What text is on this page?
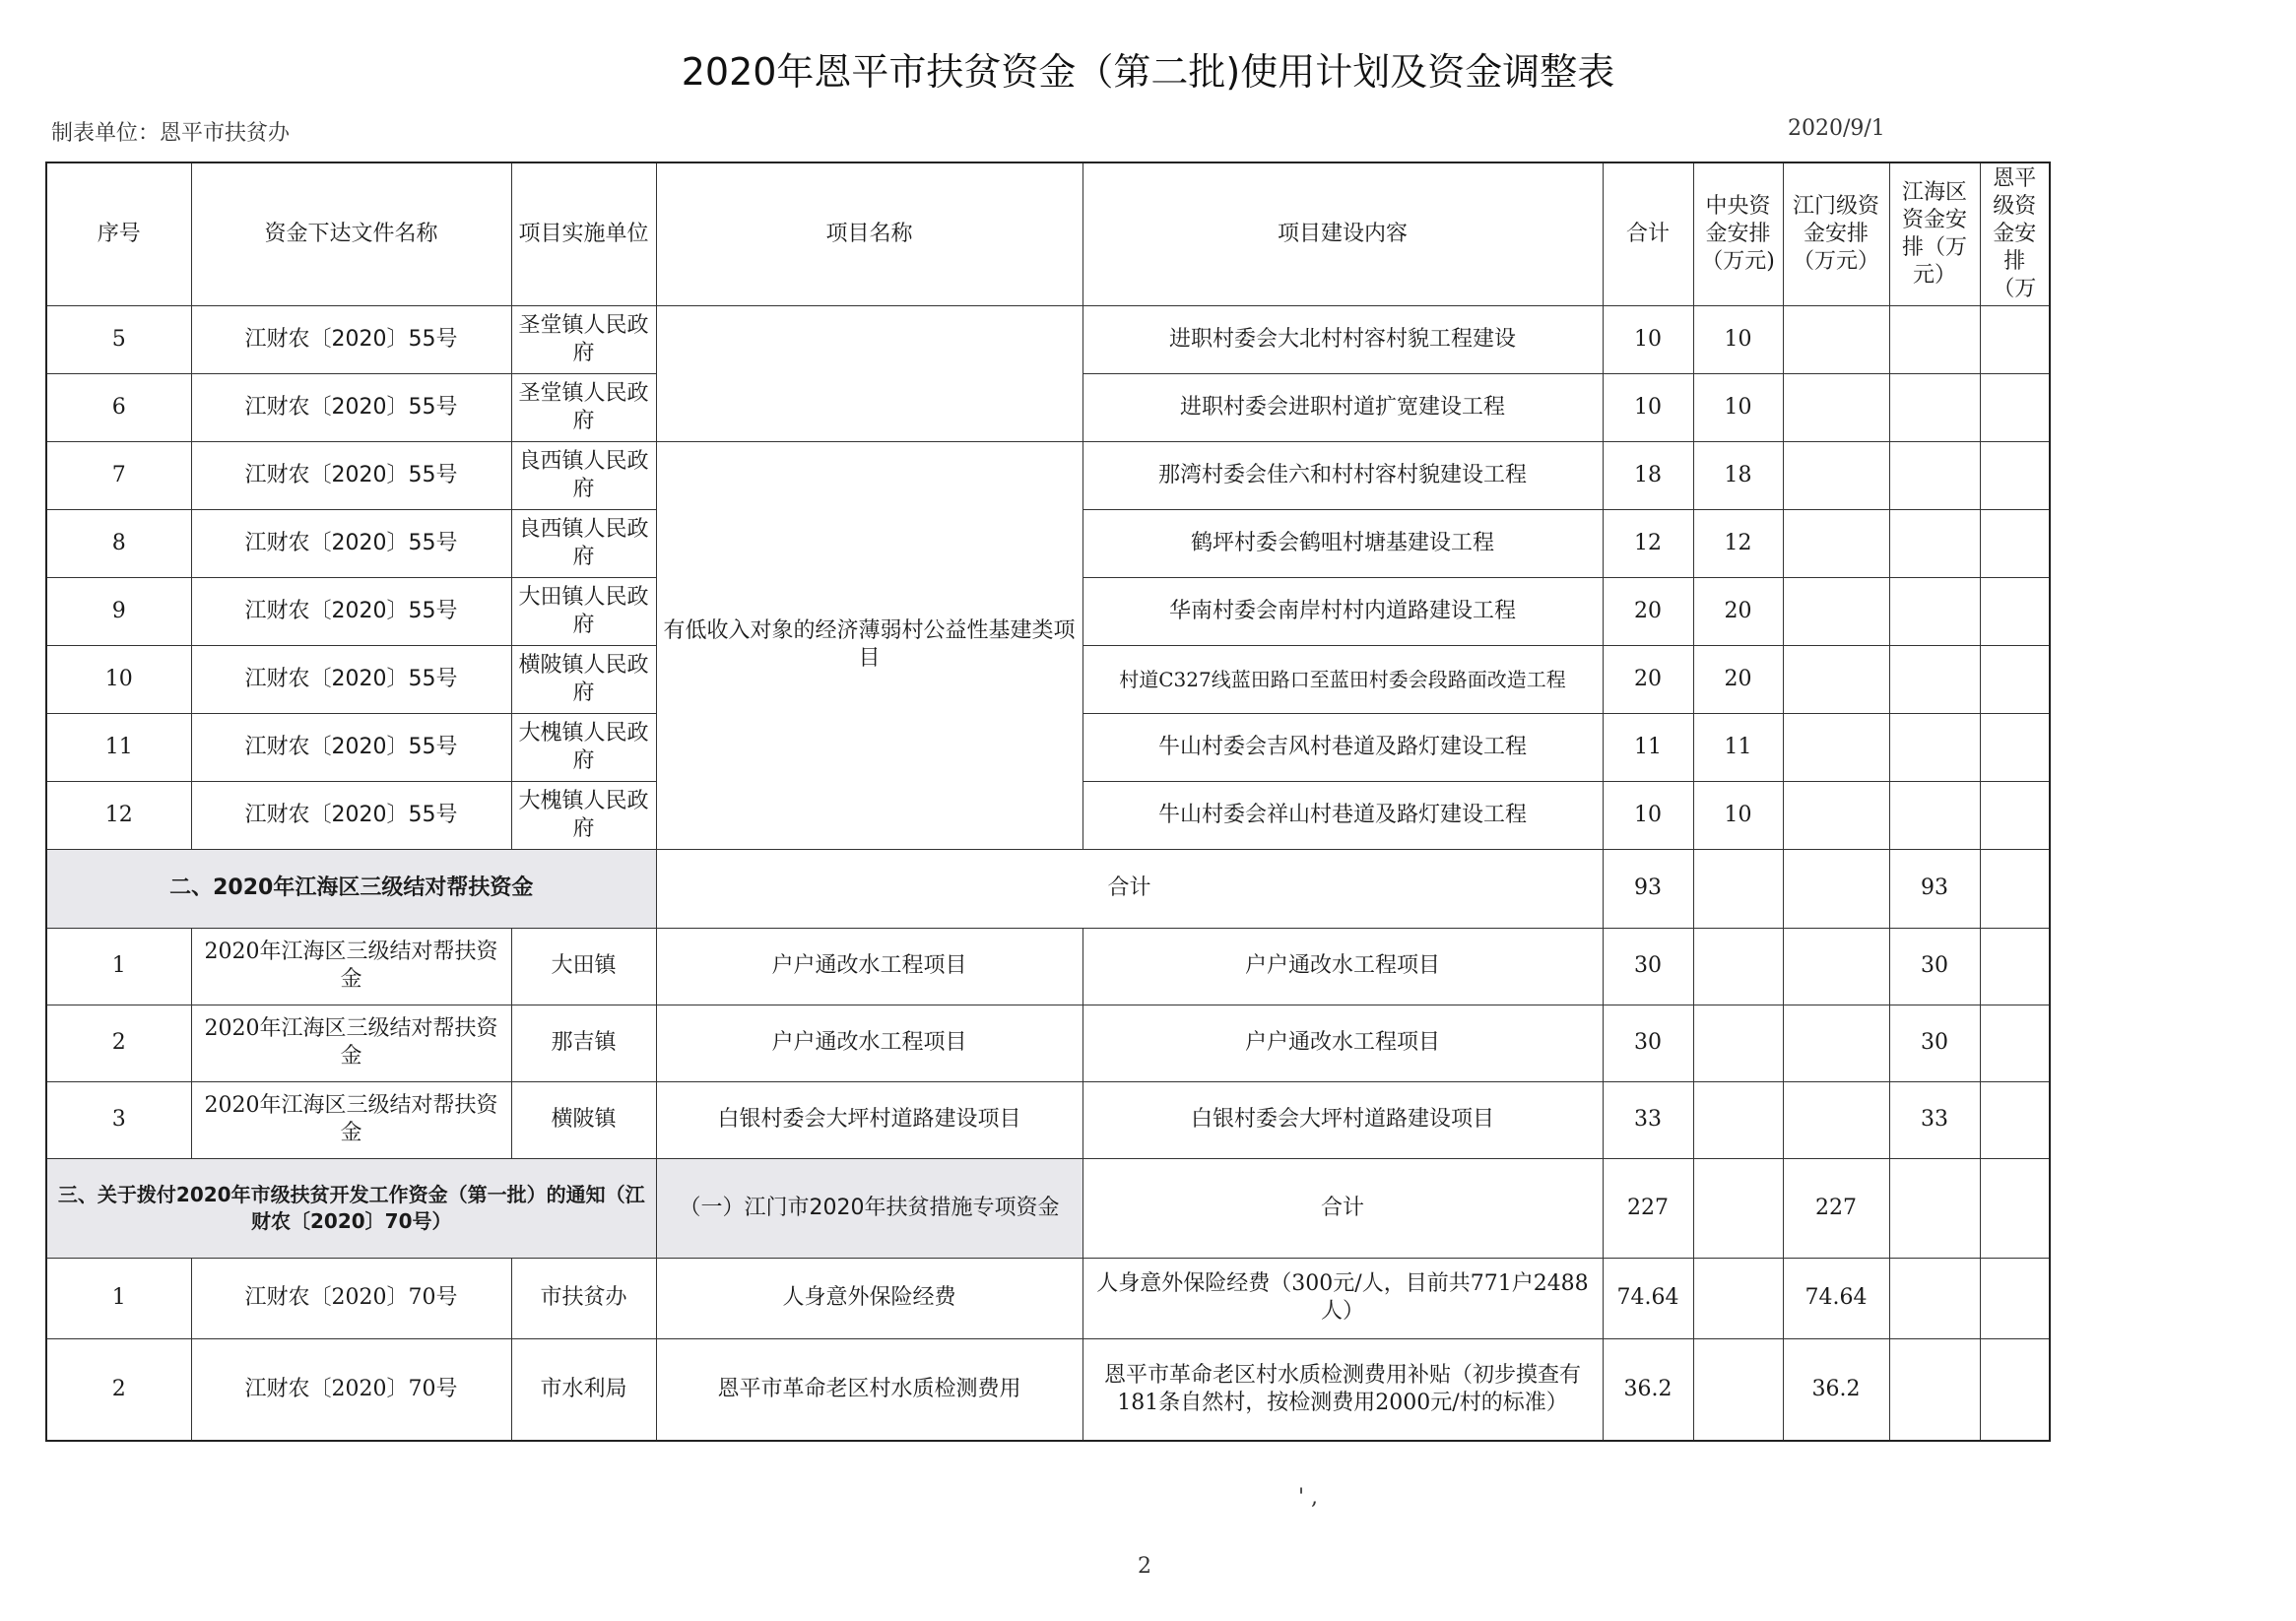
2020年恩平市扶贫资金（第二批)使用计划及资金调整表
制表单位：恩平市扶贫办	2020/9/1
序号	资金下达文件名称	项目实施单位	项目名称	项目建设内容	合计	中央资金安排（万元)	江门级资金安排（万元）	江海区资金安排（万元）	恩平级资金安排（万
5	江财农〔2020〕55号	圣堂镇人民政府		进职村委会大北村村容村貌工程建设	10	10			
6	江财农〔2020〕55号	圣堂镇人民政府		进职村委会进职村道扩宽建设工程	10	10			
7	江财农〔2020〕55号	良西镇人民政府	有低收入对象的经济薄弱村公益性基建类项目	那湾村委会佳六和村村容村貌建设工程	18	18			
8	江财农〔2020〕55号	良西镇人民政府		鹤坪村委会鹤咀村塘基建设工程	12	12			
9	江财农〔2020〕55号	大田镇人民政府		华南村委会南岸村村内道路建设工程	20	20			
10	江财农〔2020〕55号	横陂镇人民政府		村道C327线蓝田路口至蓝田村委会段路面改造工程	20	20			
11	江财农〔2020〕55号	大槐镇人民政府		牛山村委会吉风村巷道及路灯建设工程	11	11			
12	江财农〔2020〕55号	大槐镇人民政府		牛山村委会祥山村巷道及路灯建设工程	10	10			
二、2020年江海区三级结对帮扶资金			合计		93			93	
1	2020年江海区三级结对帮扶资金	大田镇	户户通改水工程项目	户户通改水工程项目	30			30	
2	2020年江海区三级结对帮扶资金	那吉镇	户户通改水工程项目	户户通改水工程项目	30			30	
3	2020年江海区三级结对帮扶资金	横陂镇	白银村委会大坪村道路建设项目	白银村委会大坪村道路建设项目	33			33	
三、关于拨付2020年市级扶贫开发工作资金（第一批）的通知（江财农〔2020〕70号）			（一）江门市2020年扶贫措施专项资金	合计	227		227		
1	江财农〔2020〕70号	市扶贫办	人身意外保险经费	人身意外保险经费（300元/人，目前共771户2488人）	74.64		74.64		
2	江财农〔2020〕70号	市水利局	恩平市革命老区村水质检测费用	恩平市革命老区村水质检测费用补贴（初步摸查有181条自然村，按检测费用2000元/村的标准）	36.2		36.2		
' ,
2
